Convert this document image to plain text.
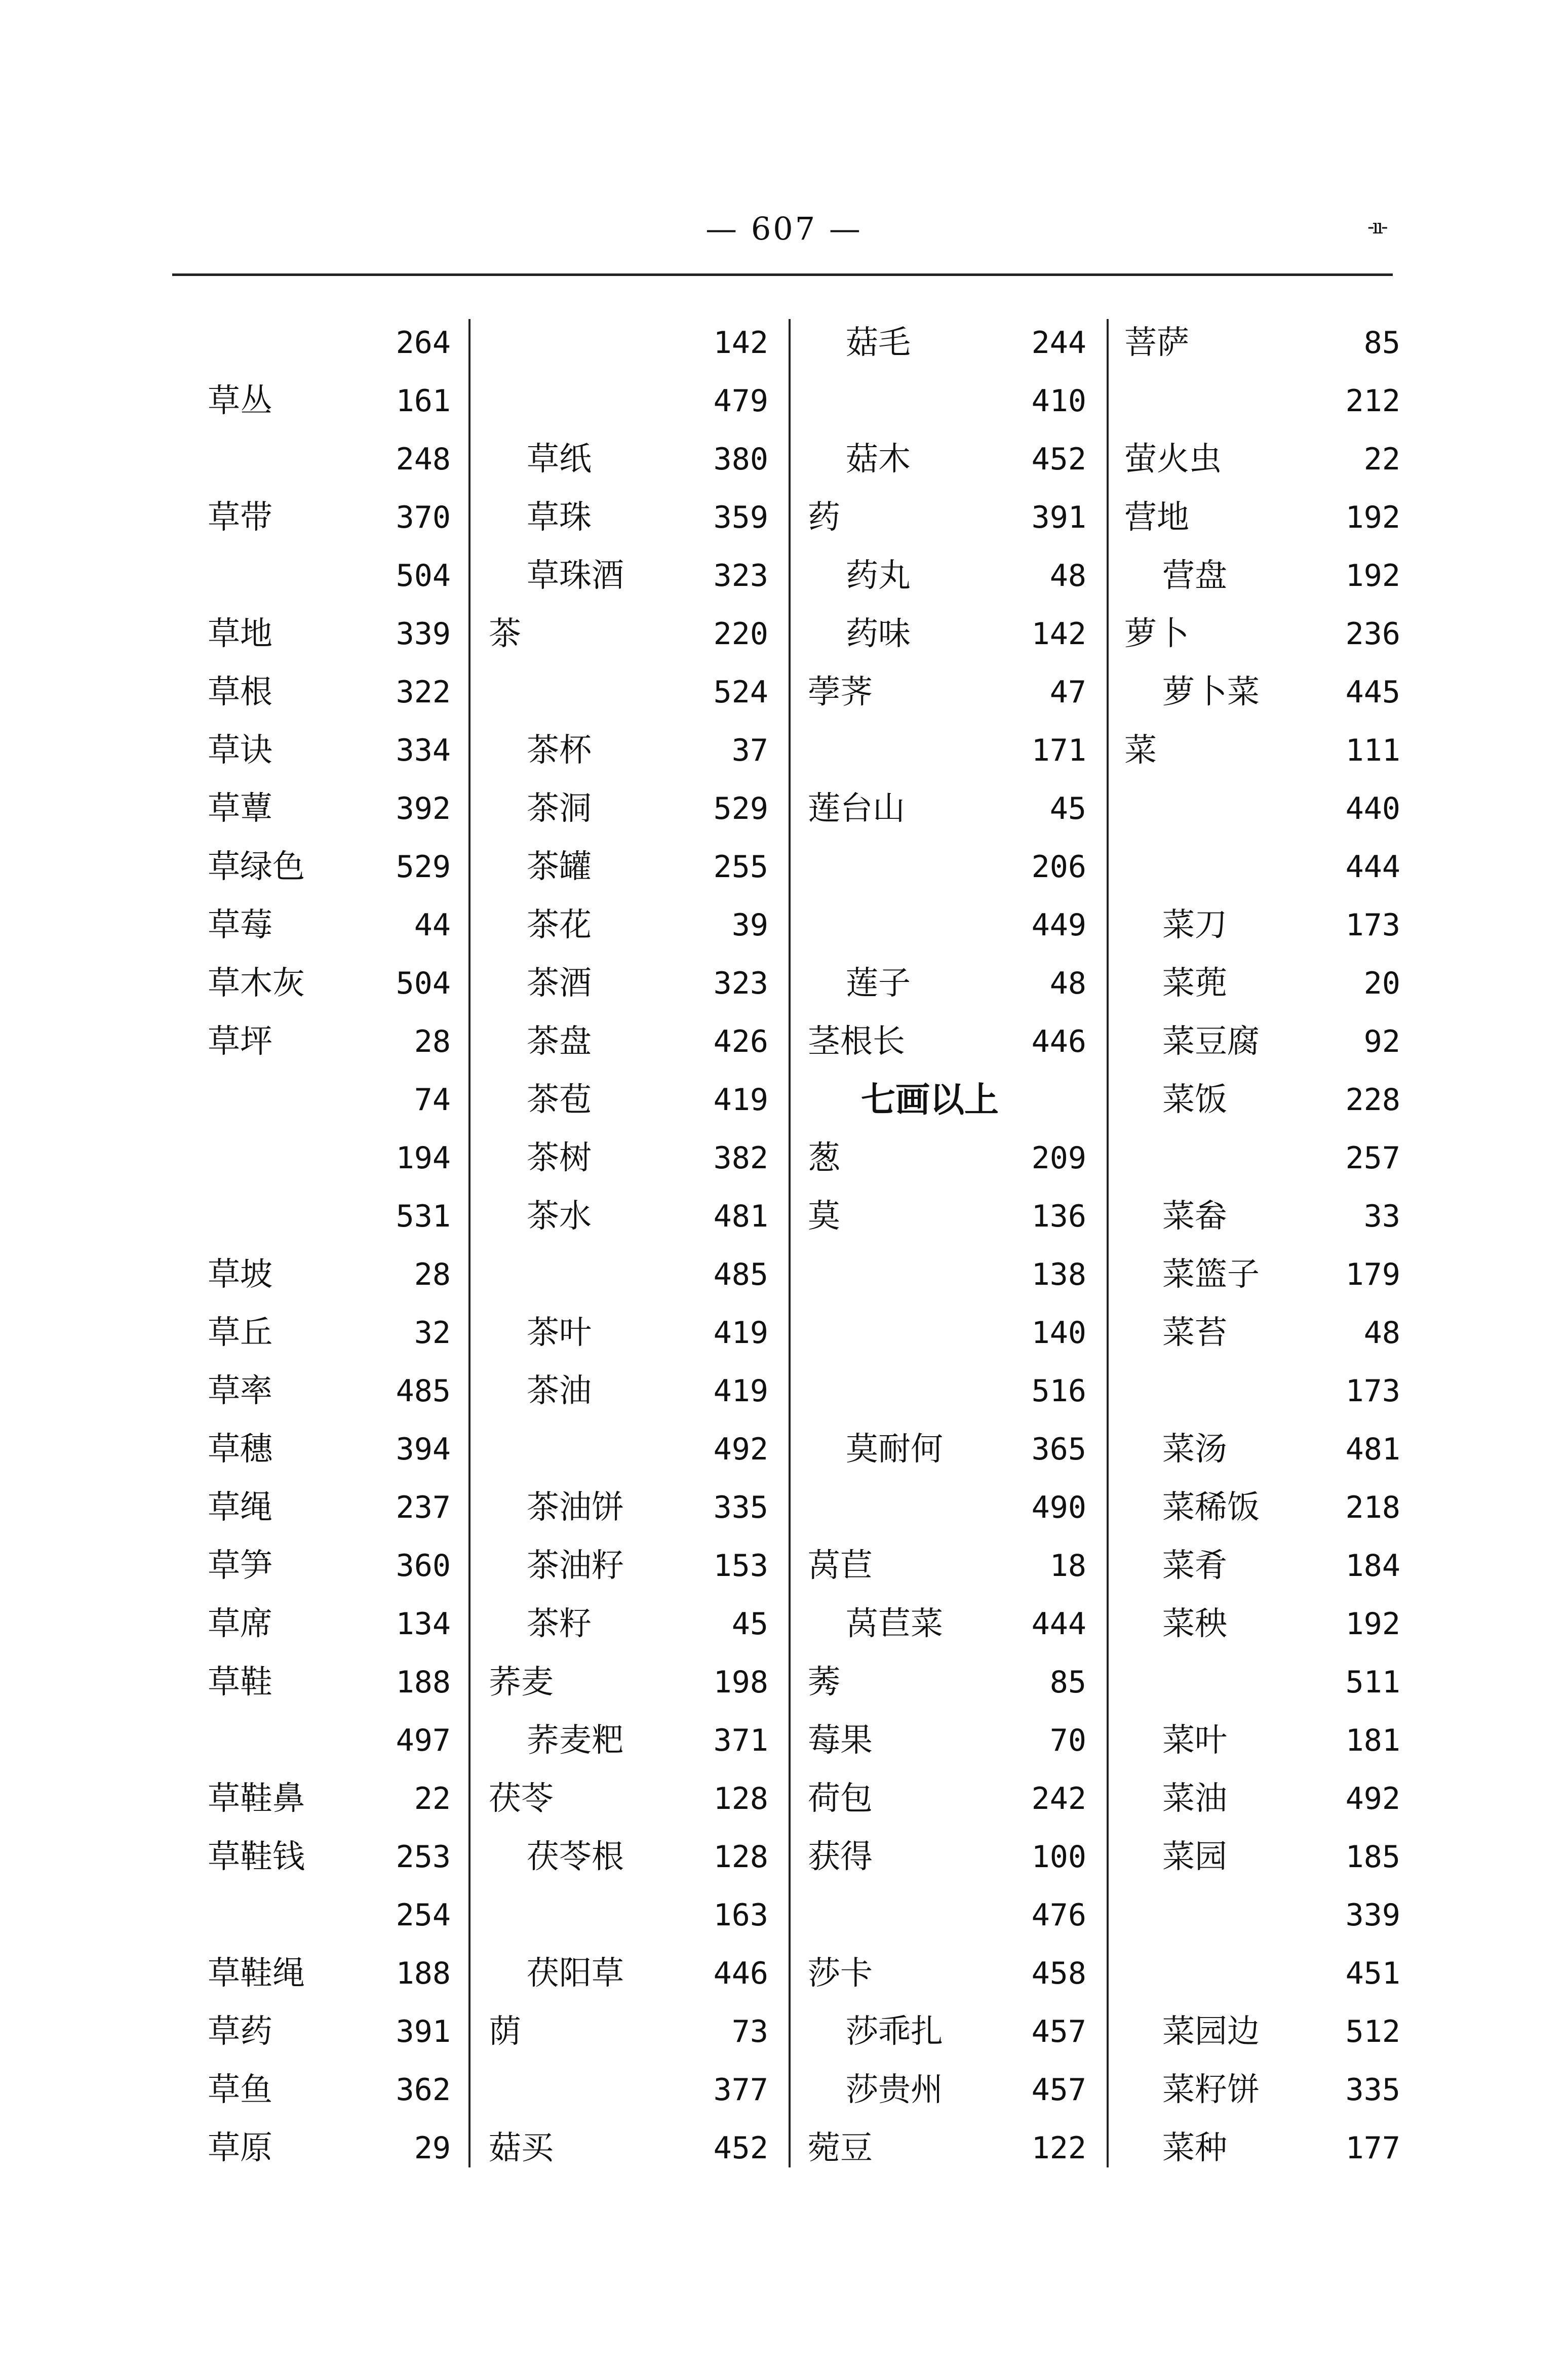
— 607 —	-ıı-
264
草丛	161
248
草带	370
504
草地	339
草根	322
草诀	334
草蕈	392
草绿色	529
草莓	44
草木灰	504
草坪	28
74
194
531
草坡	28
草丘	32
草率	485
草穗	394
草绳	237
草笋	360
草席	134
草鞋	188
497
草鞋鼻	22
草鞋钱	253
254
草鞋绳	188
草药	391
草鱼	362
草原	29
142
479
草纸	380
草珠	359
草珠酒	323
茶	220
524
茶杯	37
茶洞	529
茶罐	255
茶花	39
茶酒	323
茶盘	426
茶苞	419
茶树	382
茶水	481
485
茶叶	419
茶油	419
492
茶油饼	335
茶油籽	153
茶籽	45
荞麦	198
荞麦粑	371
茯苓	128
茯苓根	128
163
茯阳草	446
荫	73
377
菇买	452
菇毛	244
410
菇木	452
药	391
药丸	48
药味	142
荸荠	47
171
莲台山	45
206
449
莲子	48
茎根长	446
七画以上
葱	209
莫	136
138
140
516
莫耐何	365
490
莴苣	18
莴苣菜	444
莠	85
莓果	70
荷包	242
获得	100
476
莎卡	458
莎乖扎	457
莎贵州	457
菀豆	122
菩萨	85
212
萤火虫	22
营地	192
营盘	192
萝卜	236
萝卜菜	445
菜	111
440
444
菜刀	173
菜蔸	20
菜豆腐	92
菜饭	228
257
菜畚	33
菜篮子	179
菜苔	48
173
菜汤	481
菜稀饭	218
菜肴	184
菜秧	192
511
菜叶	181
菜油	492
菜园	185
339
451
菜园边	512
菜籽饼	335
菜种	177
